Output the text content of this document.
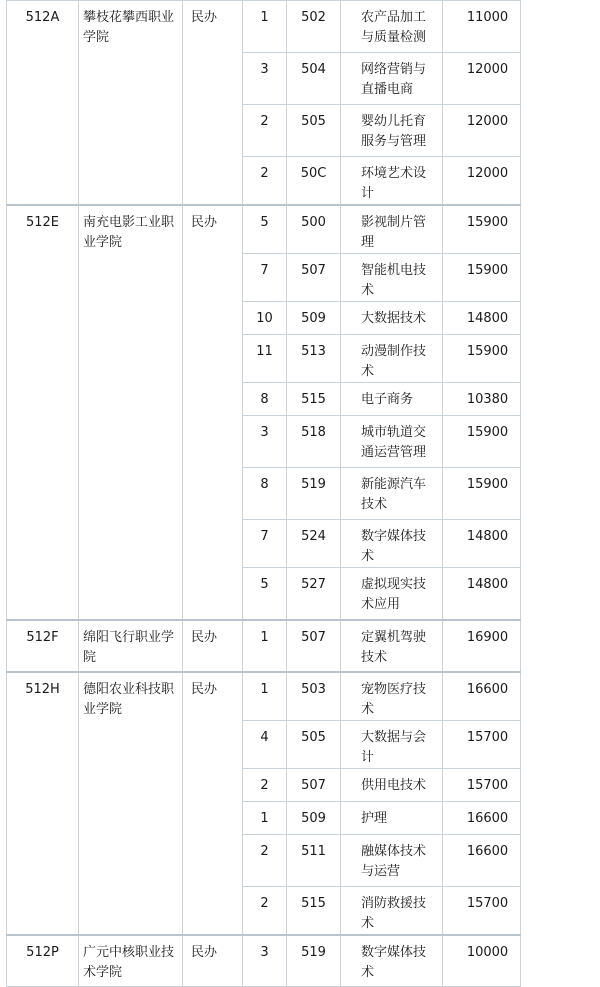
512A	攀枝花攀西职业学院	民办	1	502	农产品加工与质量检测	11000
			3	504	网络营销与直播电商	12000
			2	505	婴幼儿托育服务与管理	12000
			2	50C	环境艺术设计	12000
512E	南充电影工业职业学院	民办	5	500	影视制片管理	15900
			7	507	智能机电技术	15900
			10	509	大数据技术	14800
			11	513	动漫制作技术	15900
			8	515	电子商务	10380
			3	518	城市轨道交通运营管理	15900
			8	519	新能源汽车技术	15900
			7	524	数字媒体技术	14800
			5	527	虚拟现实技术应用	14800
512F	绵阳飞行职业学院	民办	1	507	定翼机驾驶技术	16900
512H	德阳农业科技职业学院	民办	1	503	宠物医疗技术	16600
			4	505	大数据与会计	15700
			2	507	供用电技术	15700
			1	509	护理	16600
			2	511	融媒体技术与运营	16600
			2	515	消防救援技术	15700
512P	广元中核职业技术学院	民办	3	519	数字媒体技术	10000
